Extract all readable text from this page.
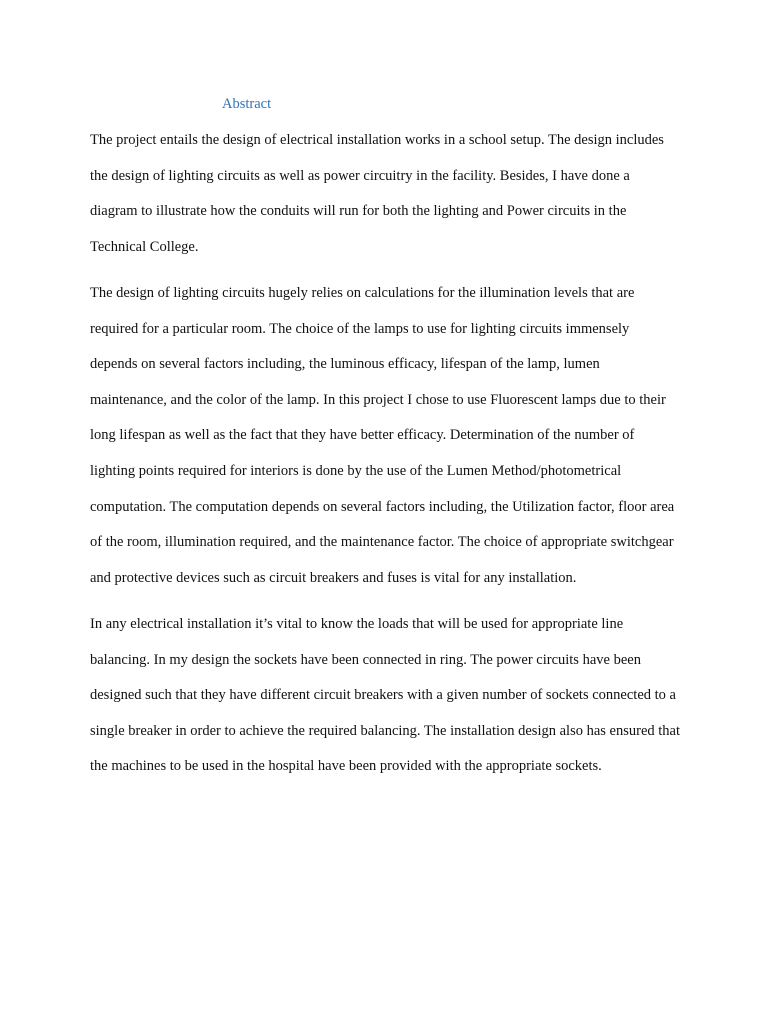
Abstract

The project entails the design of electrical installation works in a school setup. The design includes the design of lighting circuits as well as power circuitry in the facility. Besides, I have done a diagram to illustrate how the conduits will run for both the lighting and Power circuits in the Technical College.

The design of lighting circuits hugely relies on calculations for the illumination levels that are required for a particular room. The choice of the lamps to use for lighting circuits immensely depends on several factors including, the luminous efficacy, lifespan of the lamp, lumen maintenance, and the color of the lamp. In this project I chose to use Fluorescent lamps due to their long lifespan as well as the fact that they have better efficacy. Determination of the number of lighting points required for interiors is done by the use of the Lumen Method/photometrical computation. The computation depends on several factors including, the Utilization factor, floor area of the room, illumination required, and the maintenance factor. The choice of appropriate switchgear and protective devices such as circuit breakers and fuses is vital for any installation.

In any electrical installation it’s vital to know the loads that will be used for appropriate line balancing. In my design the sockets have been connected in ring. The power circuits have been designed such that they have different circuit breakers with a given number of sockets connected to a single breaker in order to achieve the required balancing. The installation design also has ensured that the machines to be used in the hospital have been provided with the appropriate sockets.
